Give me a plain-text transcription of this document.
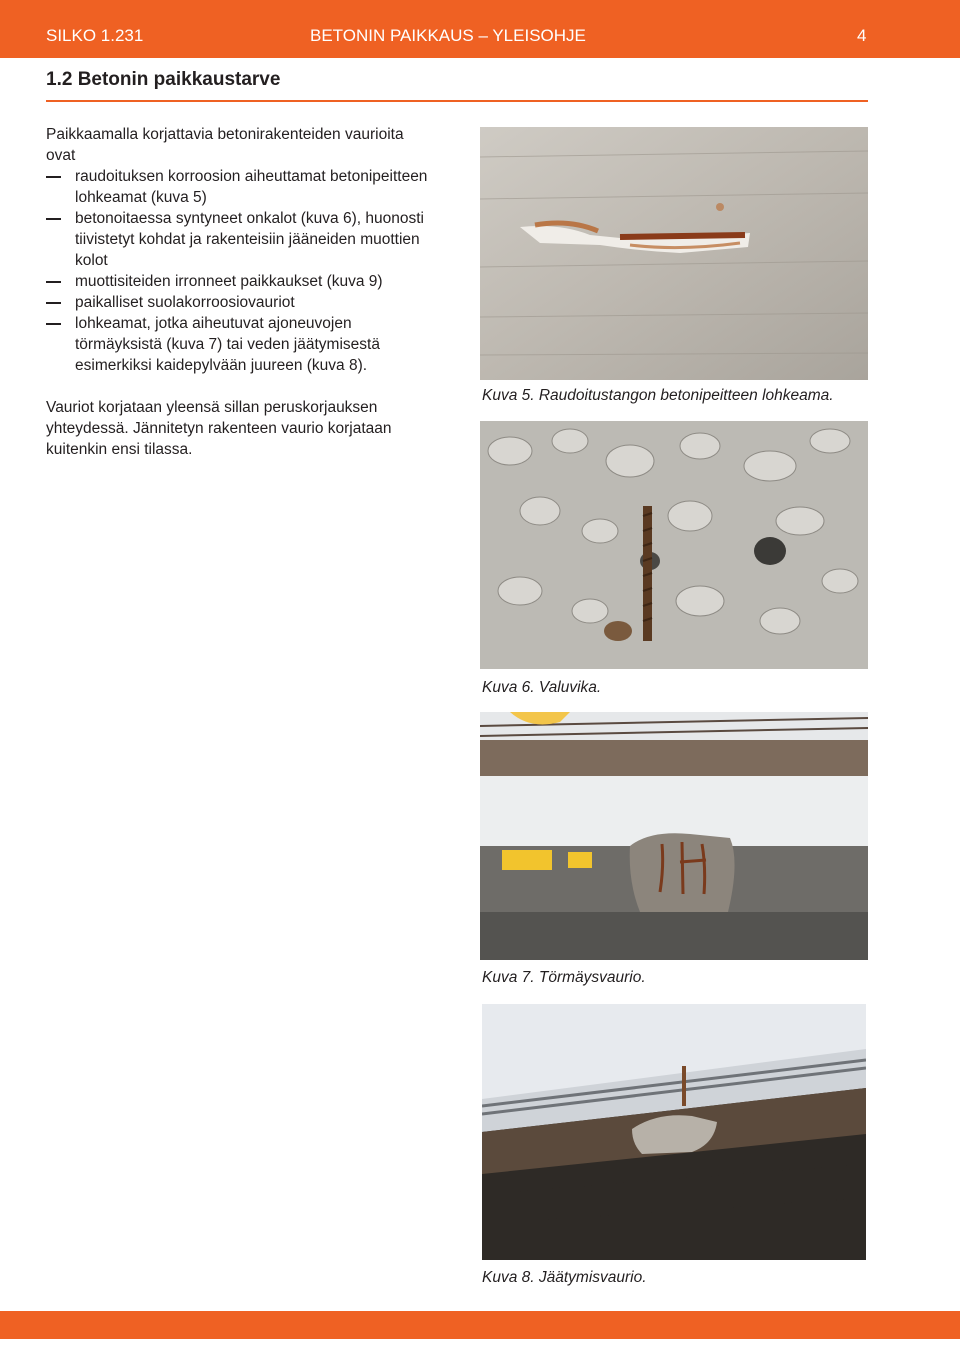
SILKO 1.231	BETONIN PAIKKAUS – YLEISOHJE	4
1.2 Betonin paikkaustarve

Paikkaamalla korjattavia betonirakenteiden vaurioita ovat

raudoituksen korroosion aiheuttamat betonipeitteen lohkeamat (kuva 5)
betonoitaessa syntyneet onkalot (kuva 6), huonosti tiivistetyt kohdat ja rakenteisiin jääneiden muottien kolot
muottisiteiden irronneet paikkaukset (kuva 9)
paikalliset suolakorroosiovauriot
lohkeamat, jotka aiheutuvat ajoneuvojen törmäyksistä (kuva 7) tai veden jäätymisestä esimerkiksi kaidepylvään juureen (kuva 8).

Vauriot korjataan yleensä sillan peruskorjauksen yhteydessä. Jännitetyn rakenteen vaurio korjataan kuitenkin ensi tilassa.

Kuva 5. Raudoitustangon betonipeitteen lohkeama.
Kuva 6. Valuvika.
Kuva 7. Törmäysvaurio.
Kuva 8. Jäätymisvaurio.
